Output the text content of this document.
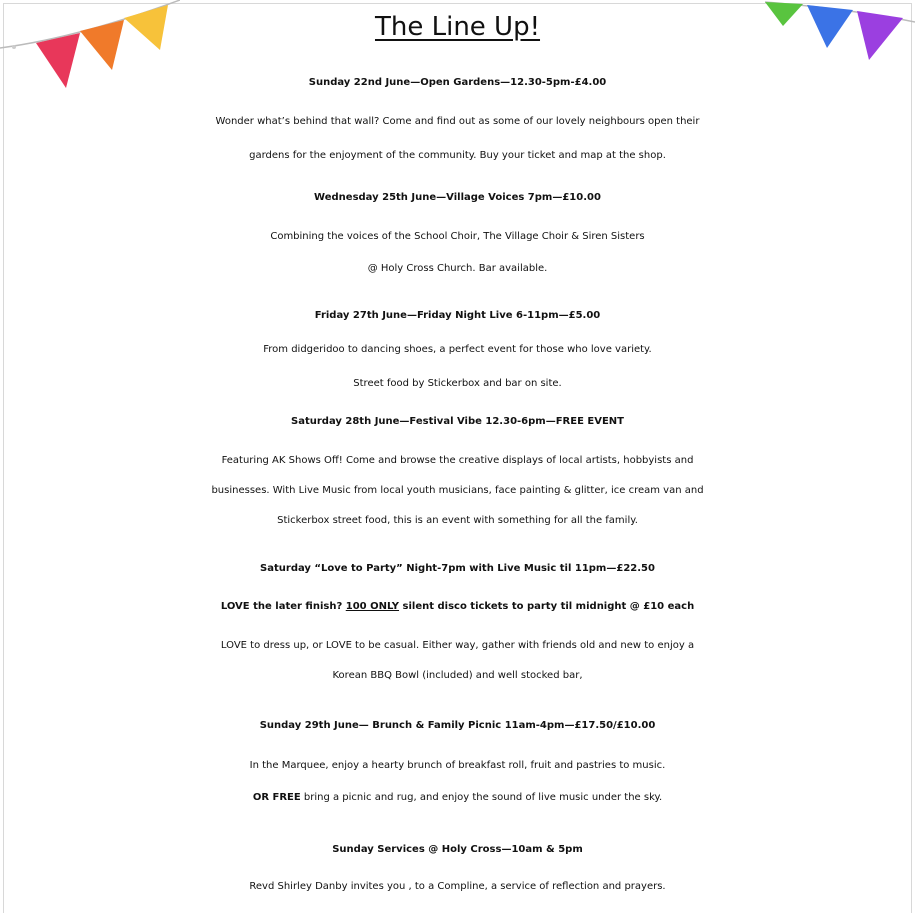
The Line Up!
Sunday 22nd June—Open Gardens—12.30-5pm-£4.00
Wonder what’s behind that wall? Come and find out as some of our lovely neighbours open their
gardens for the enjoyment of the community. Buy your ticket and map at the shop.
Wednesday 25th June—Village Voices 7pm—£10.00
Combining the voices of the School Choir, The Village Choir & Siren Sisters
@ Holy Cross Church. Bar available.
Friday 27th June—Friday Night Live 6-11pm—£5.00
From didgeridoo to dancing shoes, a perfect event for those who love variety.
Street food by Stickerbox and bar on site.
Saturday 28th June—Festival Vibe 12.30-6pm—FREE EVENT
Featuring AK Shows Off! Come and browse the creative displays of local artists, hobbyists and
businesses. With Live Music from local youth musicians, face painting & glitter, ice cream van and
Stickerbox street food, this is an event with something for all the family.
Saturday “Love to Party” Night-7pm with Live Music til 11pm—£22.50
LOVE the later finish? 100 ONLY silent disco tickets to party til midnight @ £10 each
LOVE to dress up, or LOVE to be casual. Either way, gather with friends old and new to enjoy a
Korean BBQ Bowl (included) and well stocked bar,
Sunday 29th June— Brunch & Family Picnic 11am-4pm—£17.50/£10.00
In the Marquee, enjoy a hearty brunch of breakfast roll, fruit and pastries to music.
OR FREE bring a picnic and rug, and enjoy the sound of live music under the sky.
Sunday Services @ Holy Cross—10am & 5pm
Revd Shirley Danby invites you , to a Compline, a service of reflection and prayers.
